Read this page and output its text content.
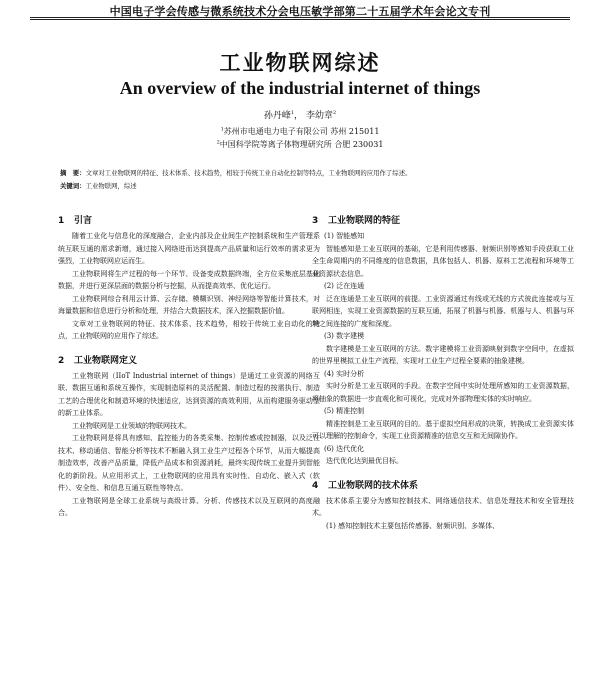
中国电子学会传感与微系统技术分会电压敏学部第二十五届学术年会论文专刊
工业物联网综述
An overview of the industrial internet of things
孙丹峰$^1$， 李幼章$^2$
$^1$苏州市电通电力电子有限公司 苏州 215011
$^2$中国科学院等离子体物理研究所 合肥 230031
摘　要：文章对工业物联网的特征、技术体系、技术趋势，相较于传统工业自动化控制等特点，工业物联网的应用作了综述。
关键词：工业物联网，综述
1 引言

随着工业化与信息化的深度融合，企业内部及企业间生产控制系统和生产管理系统互联互通的需求新增，通过接入网络进而达到提高产品质量和运行效率的需求更为强烈，工业物联网应运而生。

工业物联网将生产过程的每一个环节、设备变成数据终端，全方位采集底层基础数据，并进行更深层面的数据分析与挖掘，从而提高效率、优化运行。

工业物联网综合利用云计算、云存储、模糊识别、神经网络等智能计算技术，对海量数据和信息进行分析和处理，并结合大数据技术，深入挖掘数据价值。

文章对工业物联网的特征、技术体系、技术趋势，相较于传统工业自动化的特点，工业物联网的应用作了综述。

2 工业物联网定义

工业物联网（IIoT Industrial internet of things）是通过工业资源的网络互联、数据互通和系统互操作，实现制造原料的灵活配置、制造过程的按需执行、制造工艺的合理优化和制造环境的快速适应，达到资源的高效利用，从而构建服务驱动型的新工业体系。

工业物联网是工业领域的物联网技术。

工业物联网是将具有感知、监控能力的各类采集、控制传感或控制器，以及泛在技术、移动通信、智能分析等技术不断融入到工业生产过程各个环节，从而大幅提高制造效率，改善产品质量，降低产品成本和资源消耗，最终实现传统工业提升到智能化的新阶段。从应用形式上，工业物联网的应用具有实时性、自动化、嵌入式（软件）、安全性、和信息互通互联性等特点。

工业物联网是全球工业系统与高级计算、分析、传感技术以及互联网的高度融合。

3 工业物联网的特征

(1) 智能感知

智能感知是工业互联网的基础，它是利用传感器、射频识别等感知手段获取工业全生命周期内的不同维度的信息数据，具体包括人、机器、原料工艺流程和环境等工业资源状态信息。

(2) 泛在连通

泛在连通是工业互联网的前提。工业资源通过有线或无线的方式彼此连接或与互联网相连，实现工业资源数据的互联互通，拓展了机器与机器、机器与人、机器与环境之间连接的广度和深度。

(3) 数字建模

数字建模是工业互联网的方法。数字建模将工业资源映射到数字空间中，在虚拟的世界里模拟工业生产流程，实现对工业生产过程全要素的抽象建模。

(4) 实时分析

实时分析是工业互联网的手段。在数字空间中实时处理所感知的工业资源数据，将抽象的数据进一步直观化和可视化，完成对外部物理实体的实时响应。

(5) 精准控制

精准控制是工业互联网的目的。基于虚拟空间形成的决策，转换成工业资源实体可以理解的控制命令，实现工业资源精准的信息交互和无间隙协作。

(6) 迭代优化

迭代优化达到最优目标。

4 工业物联网的技术体系

技术体系主要分为感知控制技术、网络通信技术、信息处理技术和安全管理技术。

(1) 感知控制技术主要包括传感器、射频识别、多媒体、
